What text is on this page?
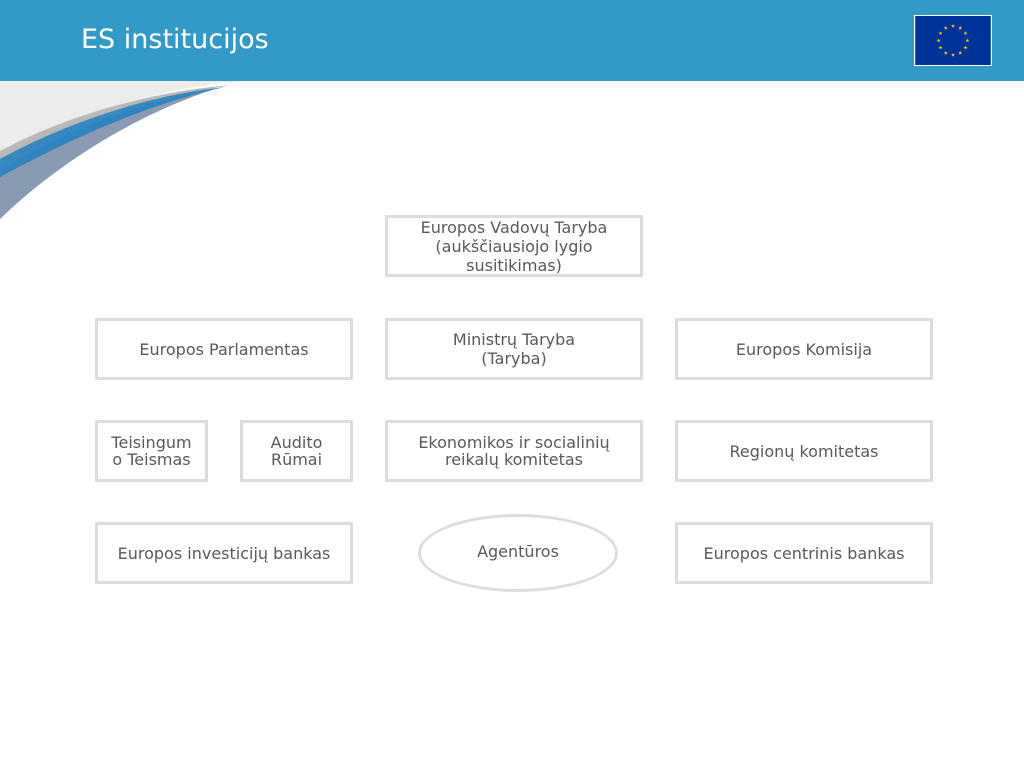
ES institucijos
Europos Vadovų Taryba
(aukščiausiojo lygio
susitikimas)
Europos Parlamentas	Ministrų Taryba
(Taryba)	Europos Komisija
Teisingum
o Teismas
Audito
Rūmai
Ekonomikos ir socialinių
reikalų komitetas	Regionų komitetas
Europos investicijų bankas	Agentūros	Europos centrinis bankas
